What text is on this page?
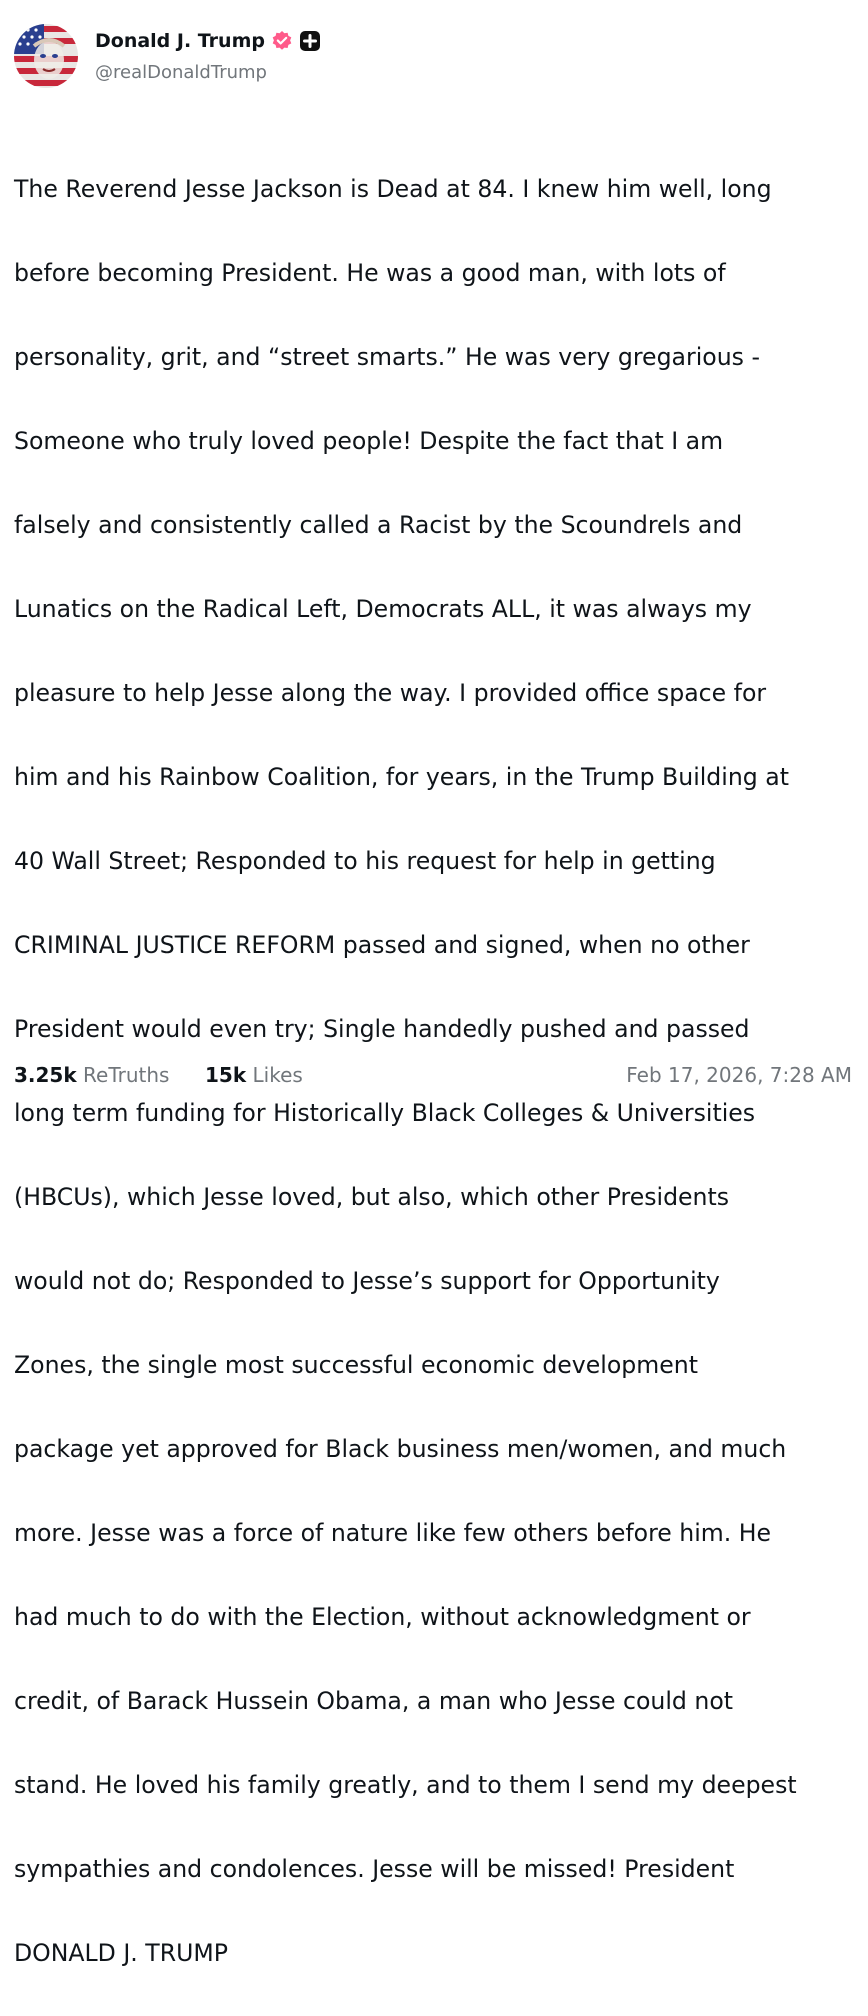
Donald J. Trump
@realDonaldTrump

The Reverend Jesse Jackson is Dead at 84. I knew him well, long

before becoming President. He was a good man, with lots of

personality, grit, and “street smarts.” He was very gregarious -

Someone who truly loved people! Despite the fact that I am

falsely and consistently called a Racist by the Scoundrels and

Lunatics on the Radical Left, Democrats ALL, it was always my

pleasure to help Jesse along the way. I provided office space for

him and his Rainbow Coalition, for years, in the Trump Building at

40 Wall Street; Responded to his request for help in getting

CRIMINAL JUSTICE REFORM passed and signed, when no other

President would even try; Single handedly pushed and passed

long term funding for Historically Black Colleges & Universities

(HBCUs), which Jesse loved, but also, which other Presidents

would not do; Responded to Jesse’s support for Opportunity

Zones, the single most successful economic development

package yet approved for Black business men/women, and much

more. Jesse was a force of nature like few others before him. He

had much to do with the Election, without acknowledgment or

credit, of Barack Hussein Obama, a man who Jesse could not

stand. He loved his family greatly, and to them I send my deepest

sympathies and condolences. Jesse will be missed! President

DONALD J. TRUMP

3.25k ReTruths 15k Likes	Feb 17, 2026, 7:28 AM
